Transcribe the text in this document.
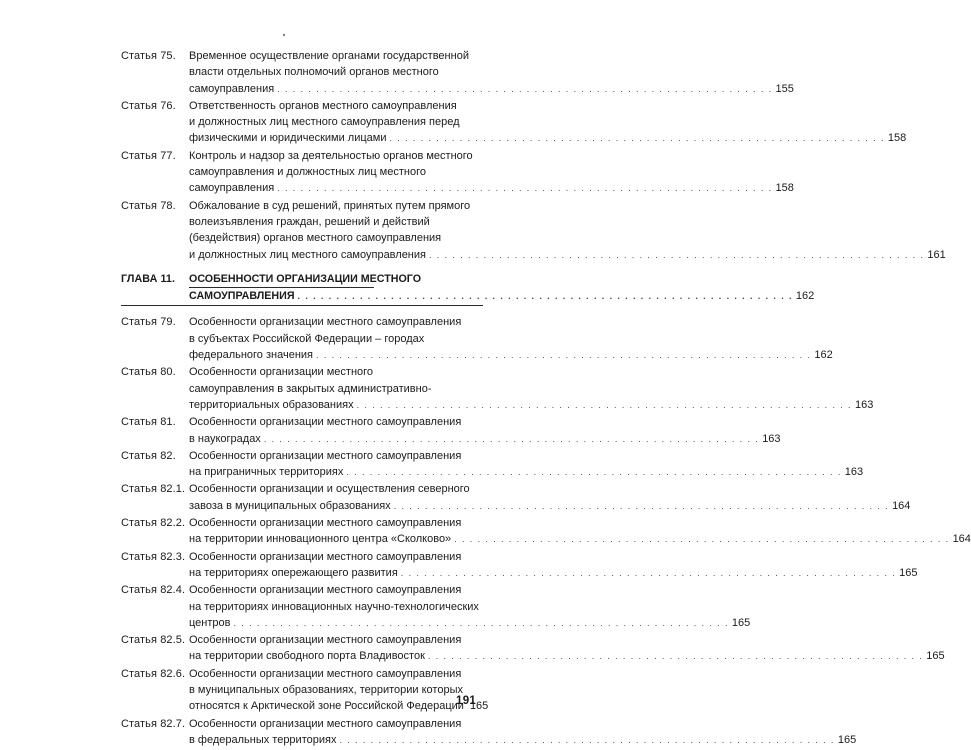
Статья 75.	Временное осуществление органами государственной
власти отдельных полномочий органов местного
самоуправления . . .	155
Статья 76.	Ответственность органов местного самоуправления
и должностных лиц местного самоуправления перед
физическими и юридическими лицами . . .	158
Статья 77.	Контроль и надзор за деятельностью органов местного
самоуправления и должностных лиц местного
самоуправления . . .	158
Статья 78.	Обжалование в суд решений, принятых путем прямого
волеизъявления граждан, решений и действий
(бездействия) органов местного самоуправления
и должностных лиц местного самоуправления . . .	161
ГЛАВА 11.	ОСОБЕННОСТИ ОРГАНИЗАЦИИ МЕСТНОГО
САМОУПРАВЛЕНИЯ . . .	162
Статья 79.	Особенности организации местного самоуправления
в субъектах Российской Федерации – городах
федерального значения . . .	162
Статья 80.	Особенности организации местного
самоуправления в закрытых административно-
территориальных образованиях . . .	163
Статья 81.	Особенности организации местного самоуправления
в наукоградах . . .	163
Статья 82.	Особенности организации местного самоуправления
на приграничных территориях . . .	163
Статья 82.1. Особенности организации и осуществления северного
завоза в муниципальных образованиях . . .	164
Статья 82.2. Особенности организации местного самоуправления
на территории инновационного центра «Сколково» . . .	164
Статья 82.3. Особенности организации местного самоуправления
на территориях опережающего развития . . .	165
Статья 82.4. Особенности организации местного самоуправления
на территориях инновационных научно-технологических
центров . . .	165
Статья 82.5. Особенности организации местного самоуправления
на территории свободного порта Владивосток . . .	165
Статья 82.6. Особенности организации местного самоуправления
в муниципальных образованиях, территории которых
относятся к Арктической зоне Российской Федерации 165
Статья 82.7. Особенности организации местного самоуправления
в федеральных территориях . . .	165
191
